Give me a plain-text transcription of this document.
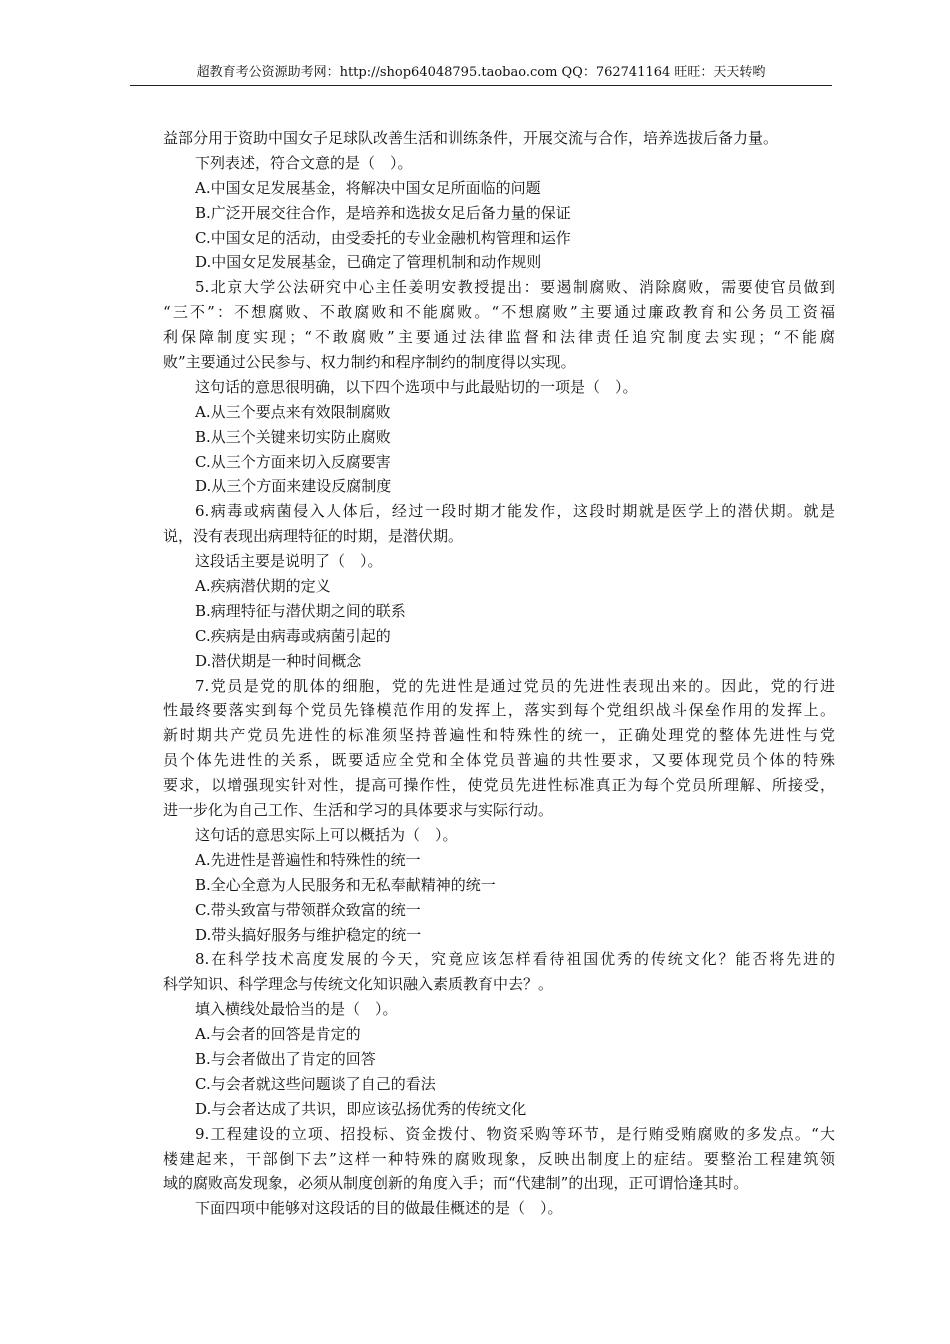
超教育考公资源助考网：http://shop64048795.taobao.com QQ：762741164 旺旺：天天转哟
益部分用于资助中国女子足球队改善生活和训练条件，开展交流与合作，培养选拔后备力量。
下列表述，符合文意的是（　）。
A.中国女足发展基金，将解决中国女足所面临的问题
B.广泛开展交往合作，是培养和选拔女足后备力量的保证
C.中国女足的活动，由受委托的专业金融机构管理和运作
D.中国女足发展基金，已确定了管理机制和动作规则
5.北京大学公法研究中心主任姜明安教授提出：要遏制腐败、消除腐败，需要使官员做到
“三不”：不想腐败、不敢腐败和不能腐败。“不想腐败”主要通过廉政教育和公务员工资福
利保障制度实现；“不敢腐败”主要通过法律监督和法律责任追究制度去实现；“不能腐
败”主要通过公民参与、权力制约和程序制约的制度得以实现。
这句话的意思很明确，以下四个选项中与此最贴切的一项是（　）。
A.从三个要点来有效限制腐败
B.从三个关键来切实防止腐败
C.从三个方面来切入反腐要害
D.从三个方面来建设反腐制度
6.病毒或病菌侵入人体后，经过一段时期才能发作，这段时期就是医学上的潜伏期。就是
说，没有表现出病理特征的时期，是潜伏期。
这段话主要是说明了（　）。
A.疾病潜伏期的定义
B.病理特征与潜伏期之间的联系
C.疾病是由病毒或病菌引起的
D.潜伏期是一种时间概念
7.党员是党的肌体的细胞，党的先进性是通过党员的先进性表现出来的。因此，党的行进
性最终要落实到每个党员先锋模范作用的发挥上，落实到每个党组织战斗保垒作用的发挥上。
新时期共产党员先进性的标准须坚持普遍性和特殊性的统一，正确处理党的整体先进性与党
员个体先进性的关系，既要适应全党和全体党员普遍的共性要求，又要体现党员个体的特殊
要求，以增强现实针对性，提高可操作性，使党员先进性标准真正为每个党员所理解、所接受，
进一步化为自己工作、生活和学习的具体要求与实际行动。
这句话的意思实际上可以概括为（　）。
A.先进性是普遍性和特殊性的统一
B.全心全意为人民服务和无私奉献精神的统一
C.带头致富与带领群众致富的统一
D.带头搞好服务与维护稳定的统一
8.在科学技术高度发展的今天，究竟应该怎样看待祖国优秀的传统文化？能否将先进的
科学知识、科学理念与传统文化知识融入素质教育中去？。
填入横线处最恰当的是（　）。
A.与会者的回答是肯定的
B.与会者做出了肯定的回答
C.与会者就这些问题谈了自己的看法
D.与会者达成了共识，即应该弘扬优秀的传统文化
9.工程建设的立项、招投标、资金拨付、物资采购等环节，是行贿受贿腐败的多发点。“大
楼建起来，干部倒下去”这样一种特殊的腐败现象，反映出制度上的症结。要整治工程建筑领
域的腐败高发现象，必须从制度创新的角度入手；而“代建制”的出现，正可谓恰逢其时。
下面四项中能够对这段话的目的做最佳概述的是（　）。
